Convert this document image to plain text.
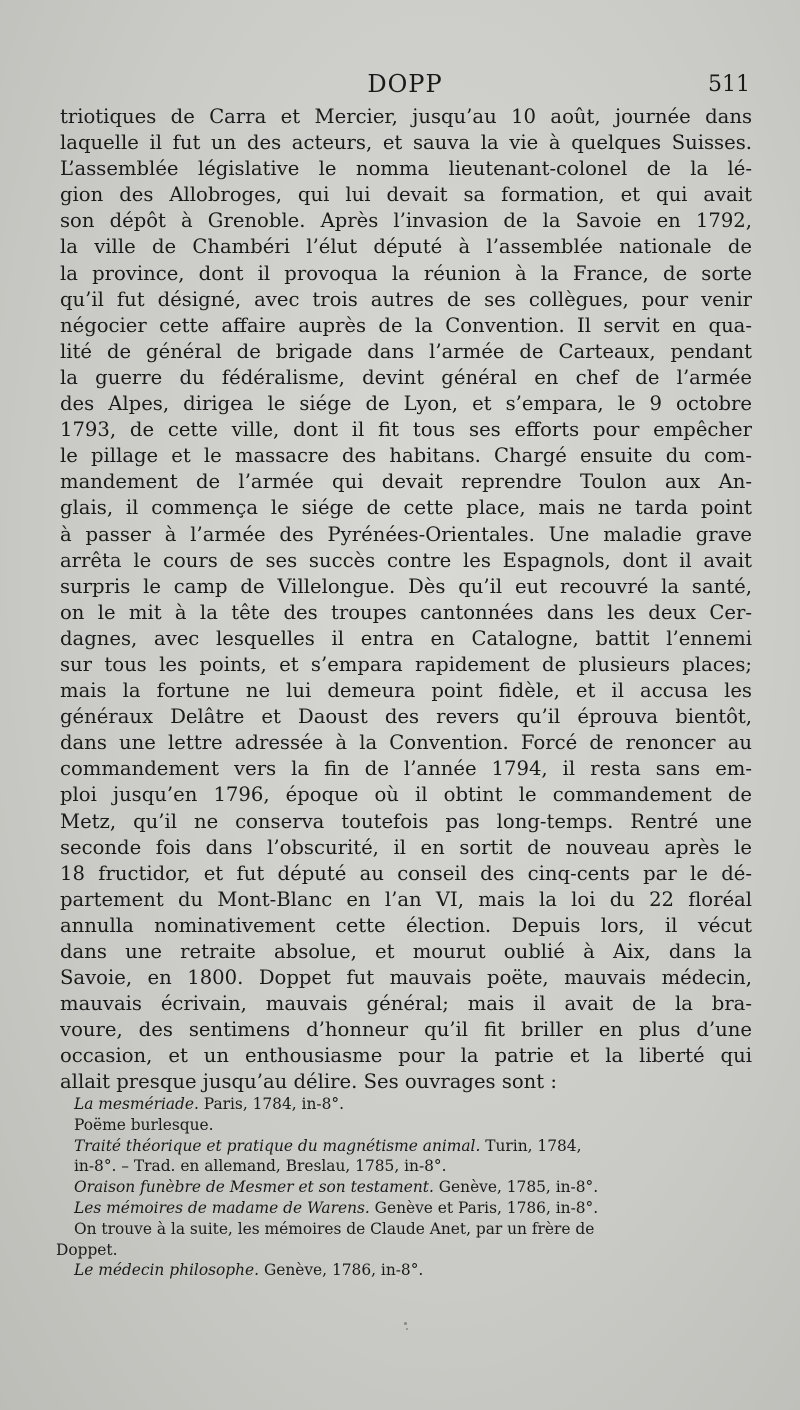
DOPP	511
triotiques de Carra et Mercier, jusqu’au 10 août, journée dans
laquelle il fut un des acteurs, et sauva la vie à quelques Suisses.
L’assemblée législative le nomma lieutenant-colonel de la lé-
gion des Allobroges, qui lui devait sa formation, et qui avait
son dépôt à Grenoble. Après l’invasion de la Savoie en 1792,
la ville de Chambéri l’élut député à l’assemblée nationale de
la province, dont il provoqua la réunion à la France, de sorte
qu’il fut désigné, avec trois autres de ses collègues, pour venir
négocier cette affaire auprès de la Convention. Il servit en qua-
lité de général de brigade dans l’armée de Carteaux, pendant
la guerre du fédéralisme, devint général en chef de l’armée
des Alpes, dirigea le siége de Lyon, et s’empara, le 9 octobre
1793, de cette ville, dont il fit tous ses efforts pour empêcher
le pillage et le massacre des habitans. Chargé ensuite du com-
mandement de l’armée qui devait reprendre Toulon aux An-
glais, il commença le siége de cette place, mais ne tarda point
à passer à l’armée des Pyrénées-Orientales. Une maladie grave
arrêta le cours de ses succès contre les Espagnols, dont il avait
surpris le camp de Villelongue. Dès qu’il eut recouvré la santé,
on le mit à la tête des troupes cantonnées dans les deux Cer-
dagnes, avec lesquelles il entra en Catalogne, battit l’ennemi
sur tous les points, et s’empara rapidement de plusieurs places;
mais la fortune ne lui demeura point fidèle, et il accusa les
généraux Delâtre et Daoust des revers qu’il éprouva bientôt,
dans une lettre adressée à la Convention. Forcé de renoncer au
commandement vers la fin de l’année 1794, il resta sans em-
ploi jusqu’en 1796, époque où il obtint le commandement de
Metz, qu’il ne conserva toutefois pas long-temps. Rentré une
seconde fois dans l’obscurité, il en sortit de nouveau après le
18 fructidor, et fut député au conseil des cinq-cents par le dé-
partement du Mont-Blanc en l’an VI, mais la loi du 22 floréal
annulla nominativement cette élection. Depuis lors, il vécut
dans une retraite absolue, et mourut oublié à Aix, dans la
Savoie, en 1800. Doppet fut mauvais poëte, mauvais médecin,
mauvais écrivain, mauvais général; mais il avait de la bra-
voure, des sentimens d’honneur qu’il fit briller en plus d’une
occasion, et un enthousiasme pour la patrie et la liberté qui
allait presque jusqu’au délire. Ses ouvrages sont :
La mesmériade. Paris, 1784, in-8°.
Poëme burlesque.
Traité théorique et pratique du magnétisme animal. Turin, 1784,
in-8°. – Trad. en allemand, Breslau, 1785, in-8°.
Oraison funèbre de Mesmer et son testament. Genève, 1785, in-8°.
Les mémoires de madame de Warens. Genève et Paris, 1786, in-8°.
On trouve à la suite, les mémoires de Claude Anet, par un frère de
Doppet.
Le médecin philosophe. Genève, 1786, in-8°.
